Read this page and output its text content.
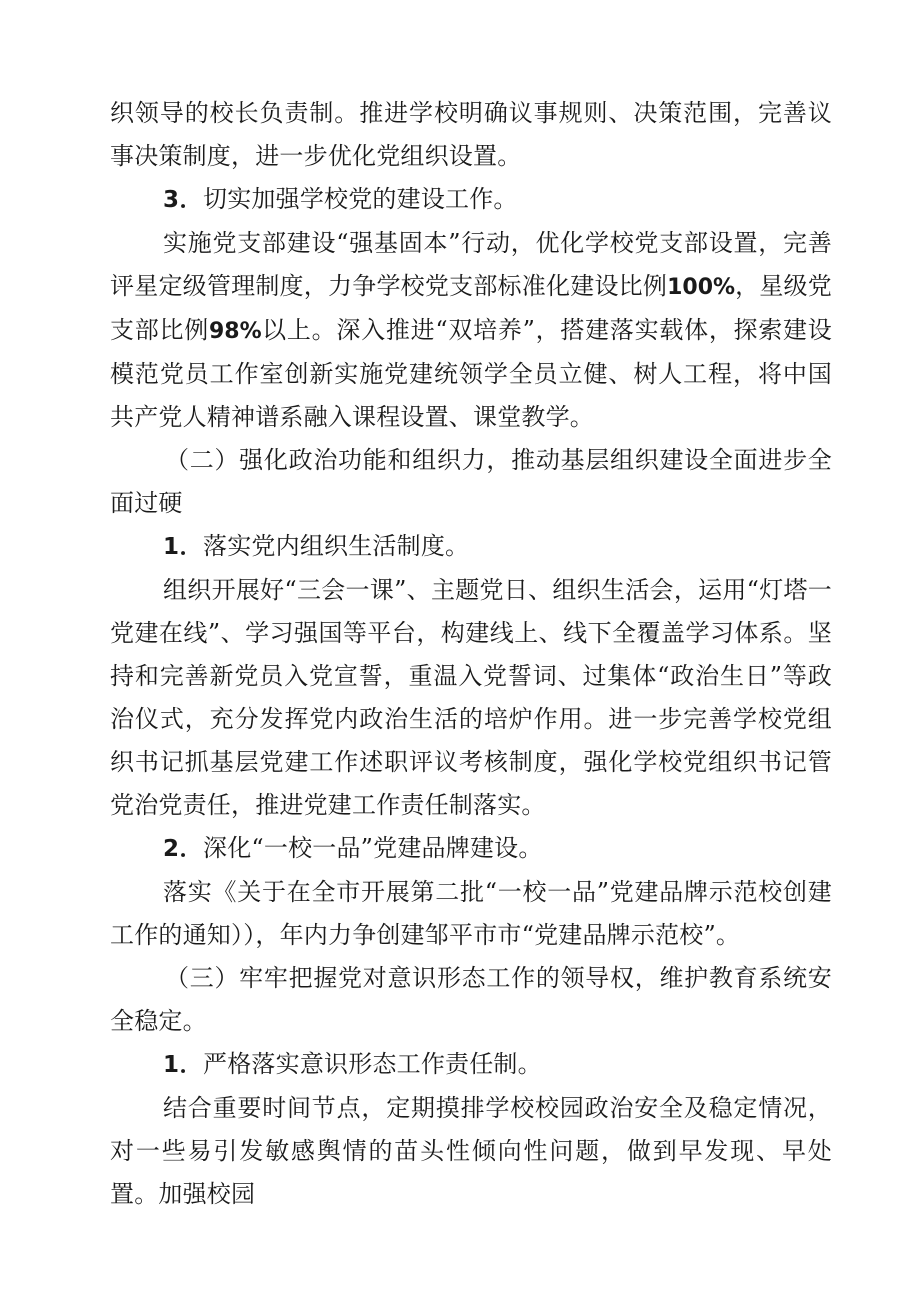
织领导的校长负责制。推进学校明确议事规则、决策范围，完善议事决策制度，进一步优化党组织设置。

3．切实加强学校党的建设工作。

实施党支部建设“强基固本”行动，优化学校党支部设置，完善评星定级管理制度，力争学校党支部标准化建设比例100%，星级党支部比例98%以上。深入推进“双培养”，搭建落实载体，探索建设模范党员工作室创新实施党建统领学全员立健、树人工程，将中国共产党人精神谱系融入课程设置、课堂教学。

（二）强化政治功能和组织力，推动基层组织建设全面进步全面过硬

1．落实党内组织生活制度。

组织开展好“三会一课”、主题党日、组织生活会，运用“灯塔一党建在线”、学习强国等平台，构建线上、线下全覆盖学习体系。坚持和完善新党员入党宣誓，重温入党誓词、过集体“政治生日”等政治仪式，充分发挥党内政治生活的培炉作用。进一步完善学校党组织书记抓基层党建工作述职评议考核制度，强化学校党组织书记管党治党责任，推进党建工作责任制落实。

2．深化“一校一品”党建品牌建设。

落实《关于在全市开展第二批“一校一品”党建品牌示范校创建工作的通知）），年内力争创建邹平市市“党建品牌示范校”。

（三）牢牢把握党对意识形态工作的领导权，维护教育系统安全稳定。

1．严格落实意识形态工作责任制。

结合重要时间节点，定期摸排学校校园政治安全及稳定情况，对一些易引发敏感舆情的苗头性倾向性问题，做到早发现、早处置。加强校园
